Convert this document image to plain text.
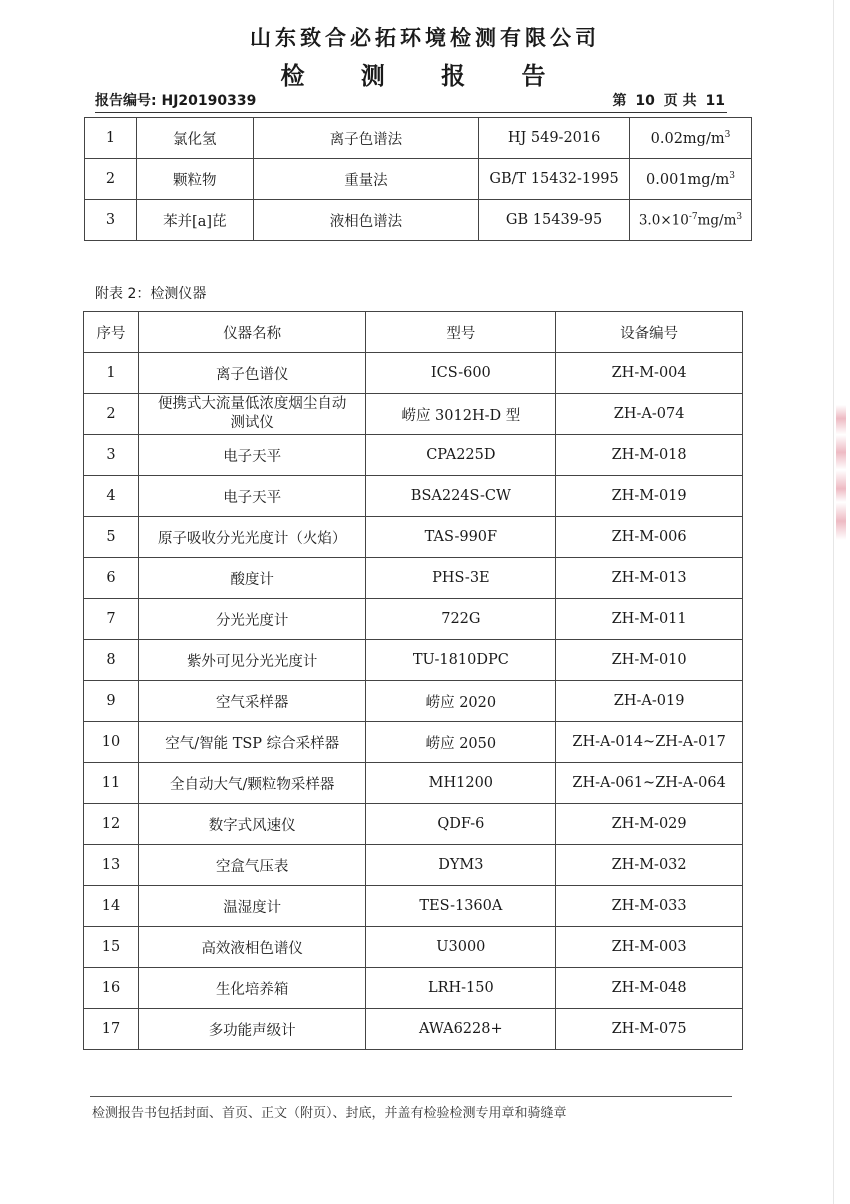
山东致合必拓环境检测有限公司
检 测 报 告
报告编号: HJ20190339	第 10 页 共 11
1	氯化氢	离子色谱法	HJ 549-2016	$0.02mg/m^3$
2	颗粒物	重量法	GB/T 15432-1995	$0.001mg/m^3$
3	苯并[a]芘	液相色谱法	GB 15439-95	$3.0\times 10^{-7}mg/m^3$
附表 2：检测仪器
序号	仪器名称	型号	设备编号
1	离子色谱仪	ICS-600	ZH-M-004
2	便携式大流量低浓度烟尘自动测试仪	崂应 3012H-D 型	ZH-A-074
3	电子天平	CPA225D	ZH-M-018
4	电子天平	BSA224S-CW	ZH-M-019
5	原子吸收分光光度计（火焰）	TAS-990F	ZH-M-006
6	酸度计	PHS-3E	ZH-M-013
7	分光光度计	722G	ZH-M-011
8	紫外可见分光光度计	TU-1810DPC	ZH-M-010
9	空气采样器	崂应 2020	ZH-A-019
10	空气/智能 TSP 综合采样器	崂应 2050	ZH-A-014~ZH-A-017
11	全自动大气/颗粒物采样器	MH1200	ZH-A-061~ZH-A-064
12	数字式风速仪	QDF-6	ZH-M-029
13	空盒气压表	DYM3	ZH-M-032
14	温湿度计	TES-1360A	ZH-M-033
15	高效液相色谱仪	U3000	ZH-M-003
16	生化培养箱	LRH-150	ZH-M-048
17	多功能声级计	AWA6228+	ZH-M-075
检测报告书包括封面、首页、正文（附页）、封底，并盖有检验检测专用章和骑缝章
